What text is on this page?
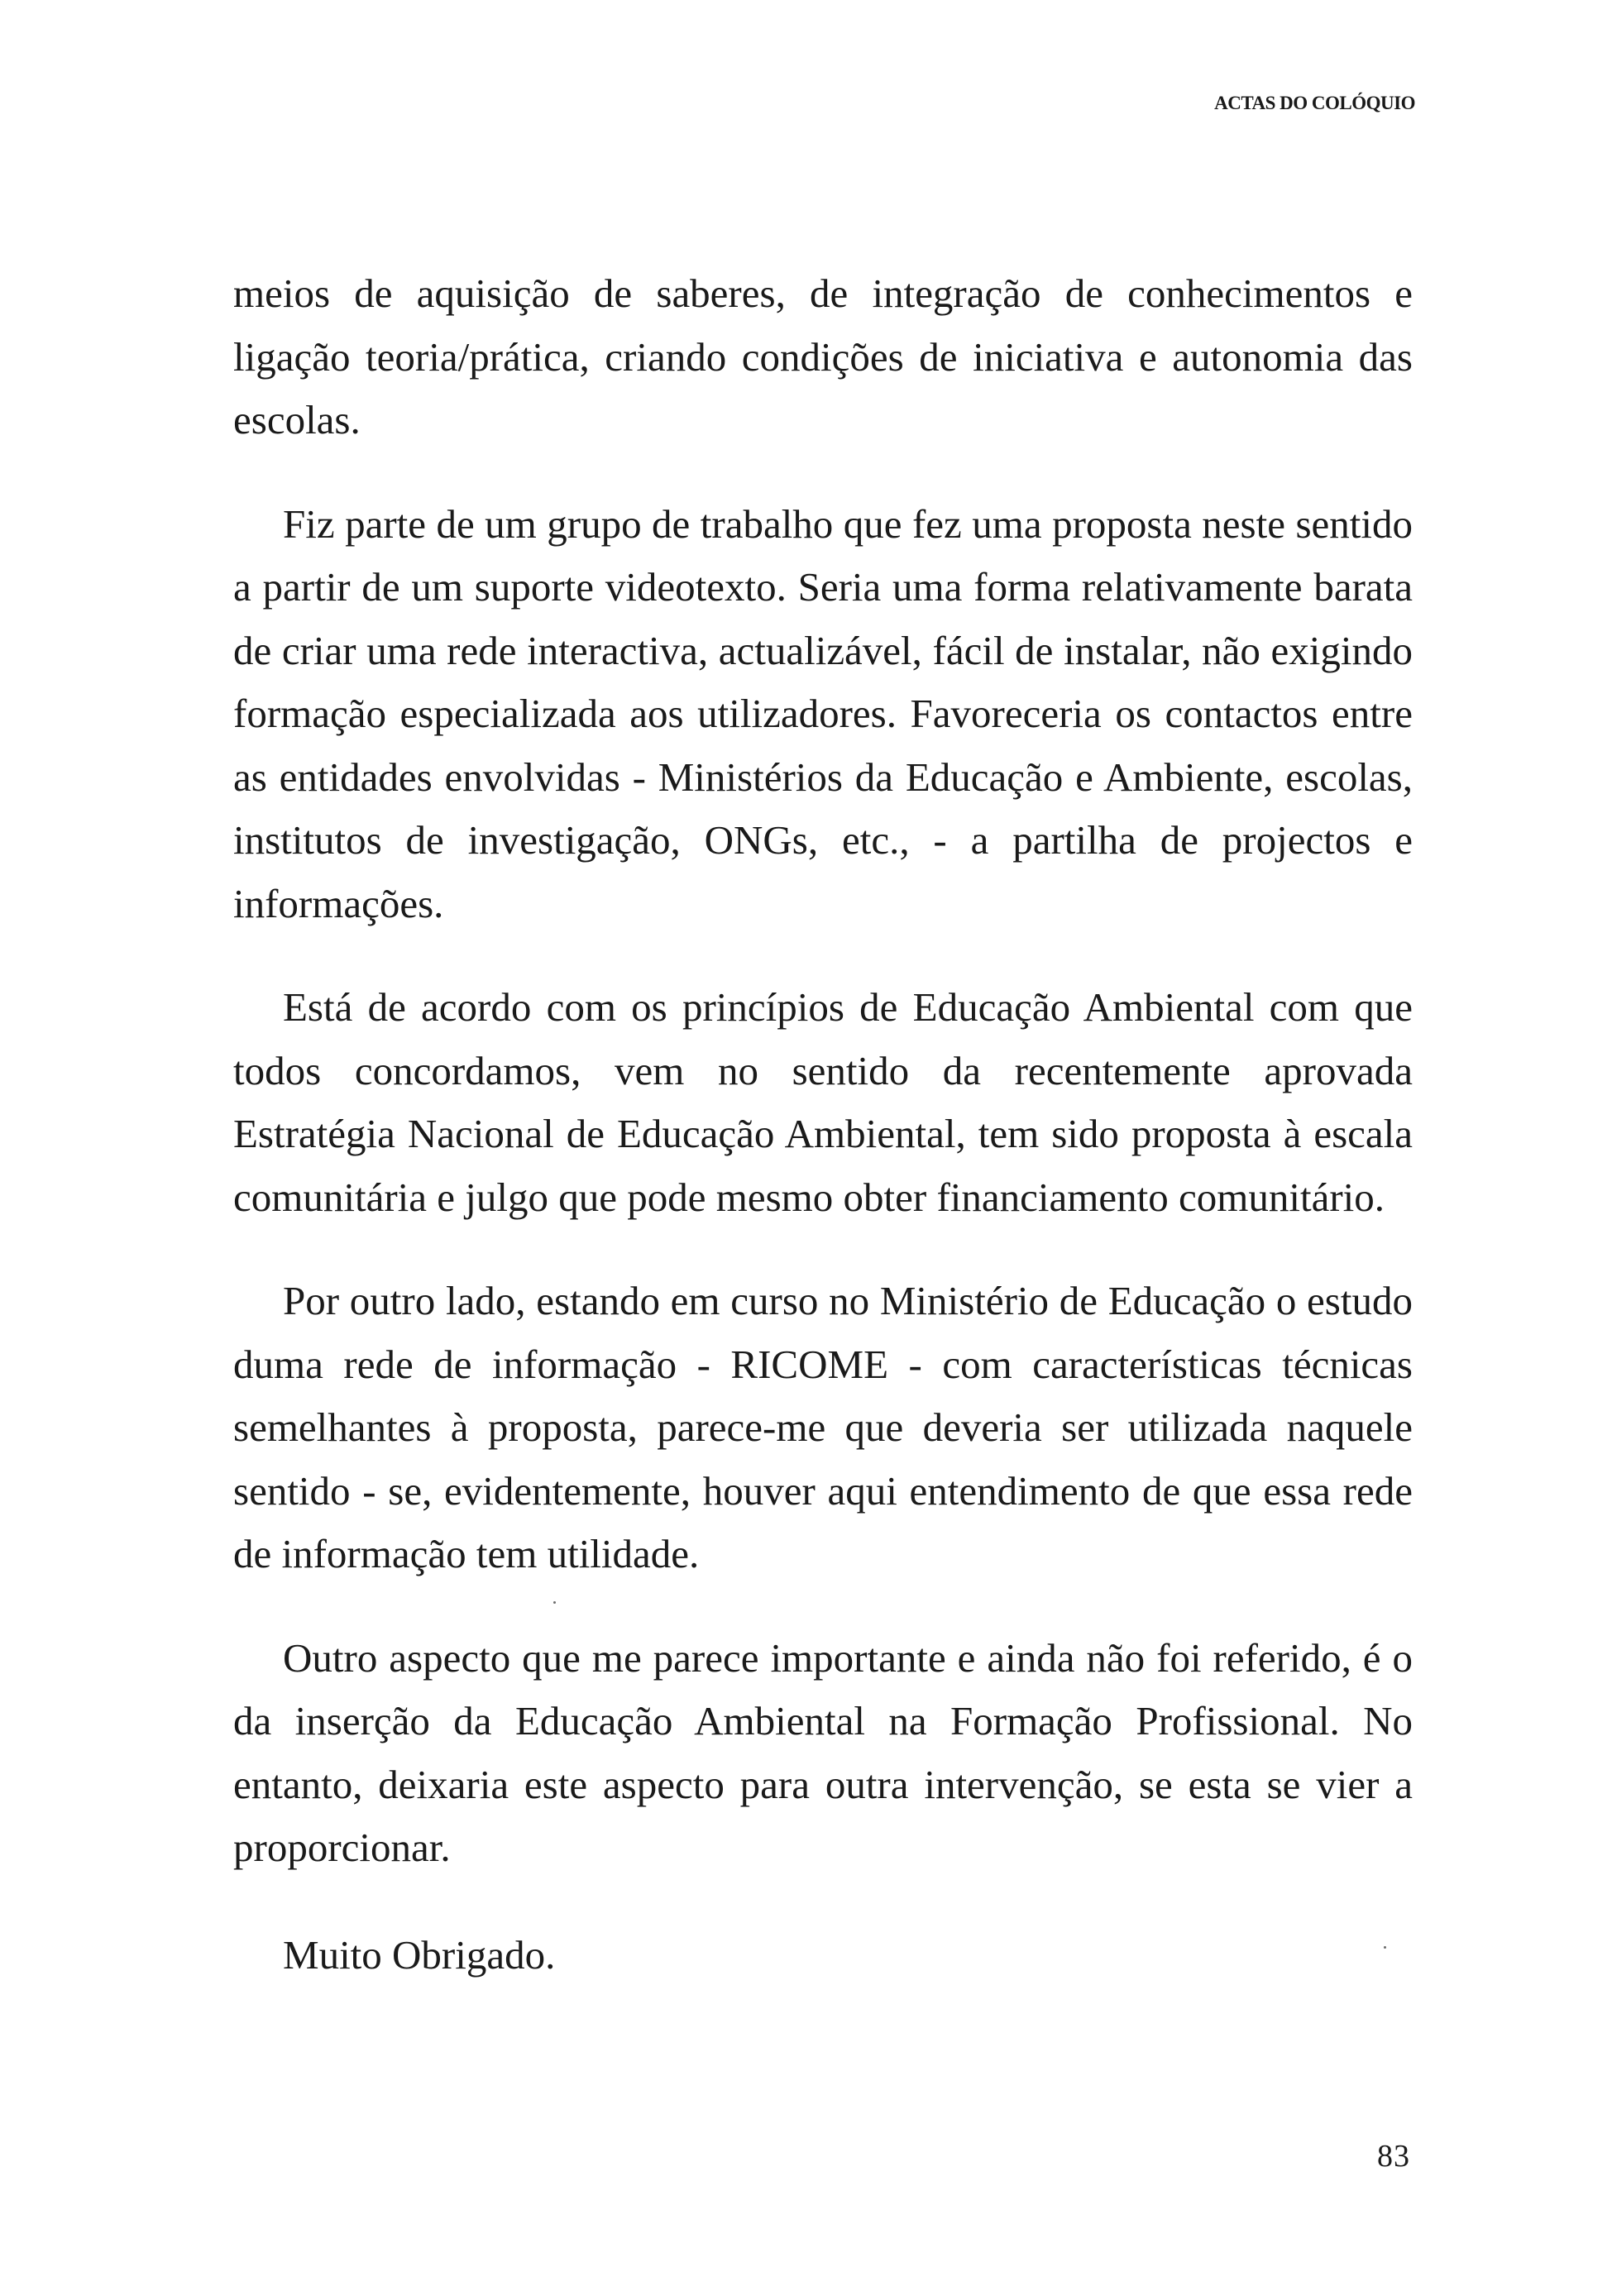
ACTAS DO COLÓQUIO

meios de aquisição de saberes, de integração de conhecimentos e ligação teoria/prática, criando condições de iniciativa e autonomia das escolas.

Fiz parte de um grupo de trabalho que fez uma proposta neste sentido a partir de um suporte videotexto. Seria uma forma relativamente barata de criar uma rede interactiva, actualizável, fácil de instalar, não exigindo formação especializada aos utilizadores. Favoreceria os contactos entre as entidades envolvidas - Ministérios da Educação e Ambiente, escolas, institutos de investigação, ONGs, etc., - a partilha de projectos e informações.

Está de acordo com os princípios de Educação Ambiental com que todos concordamos, vem no sentido da recentemente aprovada Estratégia Nacional de Educação Ambiental, tem sido proposta à escala comunitária e julgo que pode mesmo obter financiamento comunitário.

Por outro lado, estando em curso no Ministério de Educação o estudo duma rede de informação - RICOME - com características técnicas semelhantes à proposta, parece-me que deveria ser utilizada naquele sentido - se, evidentemente, houver aqui entendimento de que essa rede de informação tem utilidade.

Outro aspecto que me parece importante e ainda não foi referido, é o da inserção da Educação Ambiental na Formação Profissional. No entanto, deixaria este aspecto para outra intervenção, se esta se vier a proporcionar.

Muito Obrigado.

83
